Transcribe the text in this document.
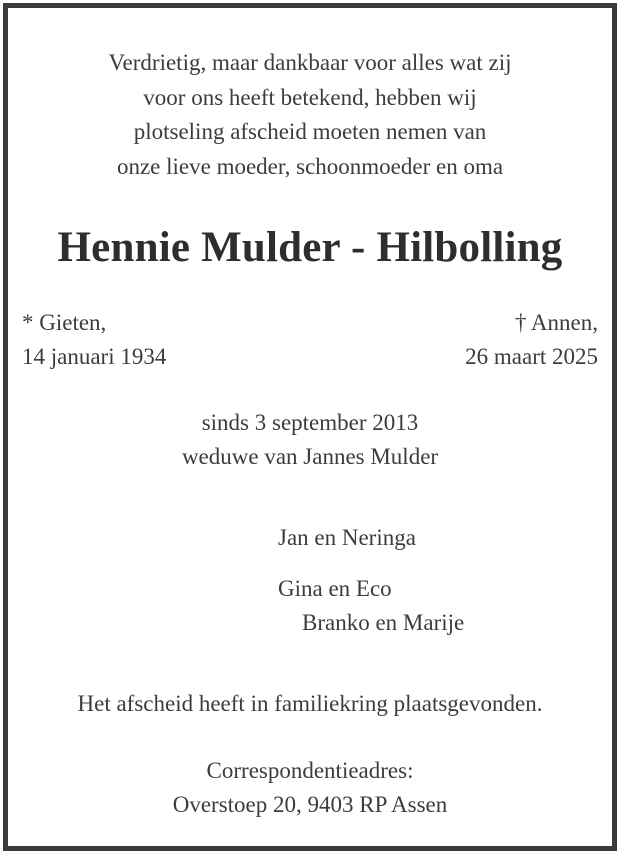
Verdrietig, maar dankbaar voor alles wat zij
voor ons heeft betekend, hebben wij
plotseling afscheid moeten nemen van
onze lieve moeder, schoonmoeder en oma
Hennie Mulder - Hilbolling
* Gieten,
14 januari 1934
† Annen,
26 maart 2025
sinds 3 september 2013
weduwe van Jannes Mulder
Jan en Neringa
Gina en Eco
Branko en Marije
Het afscheid heeft in familiekring plaatsgevonden.
Correspondentieadres:
Overstoep 20, 9403 RP Assen
